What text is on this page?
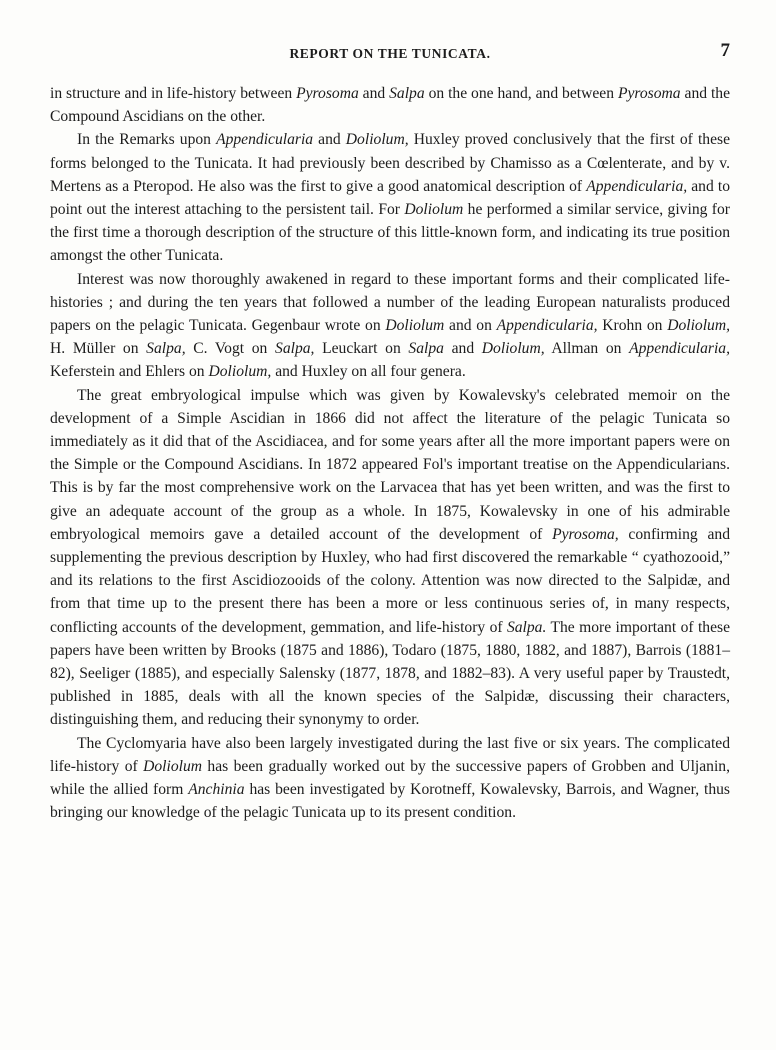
REPORT ON THE TUNICATA.	7

in structure and in life-history between Pyrosoma and Salpa on the one hand, and between Pyrosoma and the Compound Ascidians on the other.

In the Remarks upon Appendicularia and Doliolum, Huxley proved conclusively that the first of these forms belonged to the Tunicata. It had previously been described by Chamisso as a Cœlenterate, and by v. Mertens as a Pteropod. He also was the first to give a good anatomical description of Appendicularia, and to point out the interest attaching to the persistent tail. For Doliolum he performed a similar service, giving for the first time a thorough description of the structure of this little-known form, and indicating its true position amongst the other Tunicata.

Interest was now thoroughly awakened in regard to these important forms and their complicated life-histories ; and during the ten years that followed a number of the leading European naturalists produced papers on the pelagic Tunicata. Gegenbaur wrote on Doliolum and on Appendicularia, Krohn on Doliolum, H. Müller on Salpa, C. Vogt on Salpa, Leuckart on Salpa and Doliolum, Allman on Appendicularia, Keferstein and Ehlers on Doliolum, and Huxley on all four genera.

The great embryological impulse which was given by Kowalevsky's celebrated memoir on the development of a Simple Ascidian in 1866 did not affect the literature of the pelagic Tunicata so immediately as it did that of the Ascidiacea, and for some years after all the more important papers were on the Simple or the Compound Ascidians. In 1872 appeared Fol's important treatise on the Appendicularians. This is by far the most comprehensive work on the Larvacea that has yet been written, and was the first to give an adequate account of the group as a whole. In 1875, Kowalevsky in one of his admirable embryological memoirs gave a detailed account of the development of Pyrosoma, confirming and supplementing the previous description by Huxley, who had first discovered the remarkable “ cyathozooid,” and its relations to the first Ascidiozooids of the colony. Attention was now directed to the Salpidæ, and from that time up to the present there has been a more or less continuous series of, in many respects, conflicting accounts of the development, gemmation, and life-history of Salpa. The more important of these papers have been written by Brooks (1875 and 1886), Todaro (1875, 1880, 1882, and 1887), Barrois (1881–82), Seeliger (1885), and especially Salensky (1877, 1878, and 1882–83). A very useful paper by Traustedt, published in 1885, deals with all the known species of the Salpidæ, discussing their characters, distinguishing them, and reducing their synonymy to order.

The Cyclomyaria have also been largely investigated during the last five or six years. The complicated life-history of Doliolum has been gradually worked out by the successive papers of Grobben and Uljanin, while the allied form Anchinia has been investigated by Korotneff, Kowalevsky, Barrois, and Wagner, thus bringing our knowledge of the pelagic Tunicata up to its present condition.
